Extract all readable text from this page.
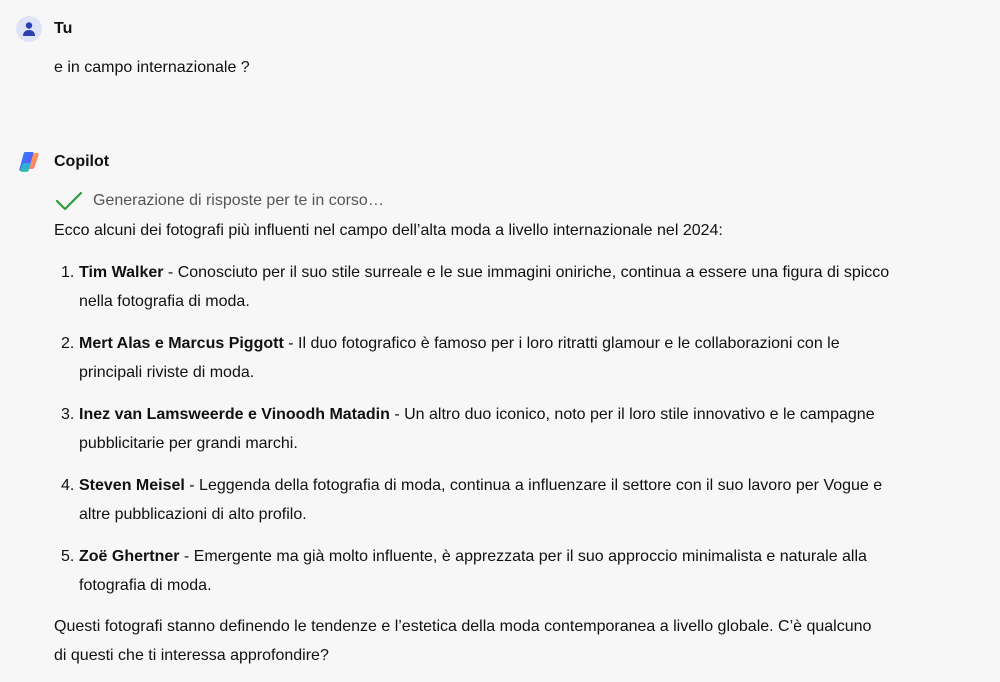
Tu
e in campo internazionale ?
Copilot
Generazione di risposte per te in corso…
Ecco alcuni dei fotografi più influenti nel campo dell’alta moda a livello internazionale nel 2024:
1. Tim Walker - Conosciuto per il suo stile surreale e le sue immagini oniriche, continua a essere una figura di spicco nella fotografia di moda.
2. Mert Alas e Marcus Piggott - Il duo fotografico è famoso per i loro ritratti glamour e le collaborazioni con le principali riviste di moda.
3. Inez van Lamsweerde e Vinoodh Matadin - Un altro duo iconico, noto per il loro stile innovativo e le campagne pubblicitarie per grandi marchi.
4. Steven Meisel - Leggenda della fotografia di moda, continua a influenzare il settore con il suo lavoro per Vogue e altre pubblicazioni di alto profilo.
5. Zoë Ghertner - Emergente ma già molto influente, è apprezzata per il suo approccio minimalista e naturale alla fotografia di moda.
Questi fotografi stanno definendo le tendenze e l’estetica della moda contemporanea a livello globale. C’è qualcuno di questi che ti interessa approfondire?
